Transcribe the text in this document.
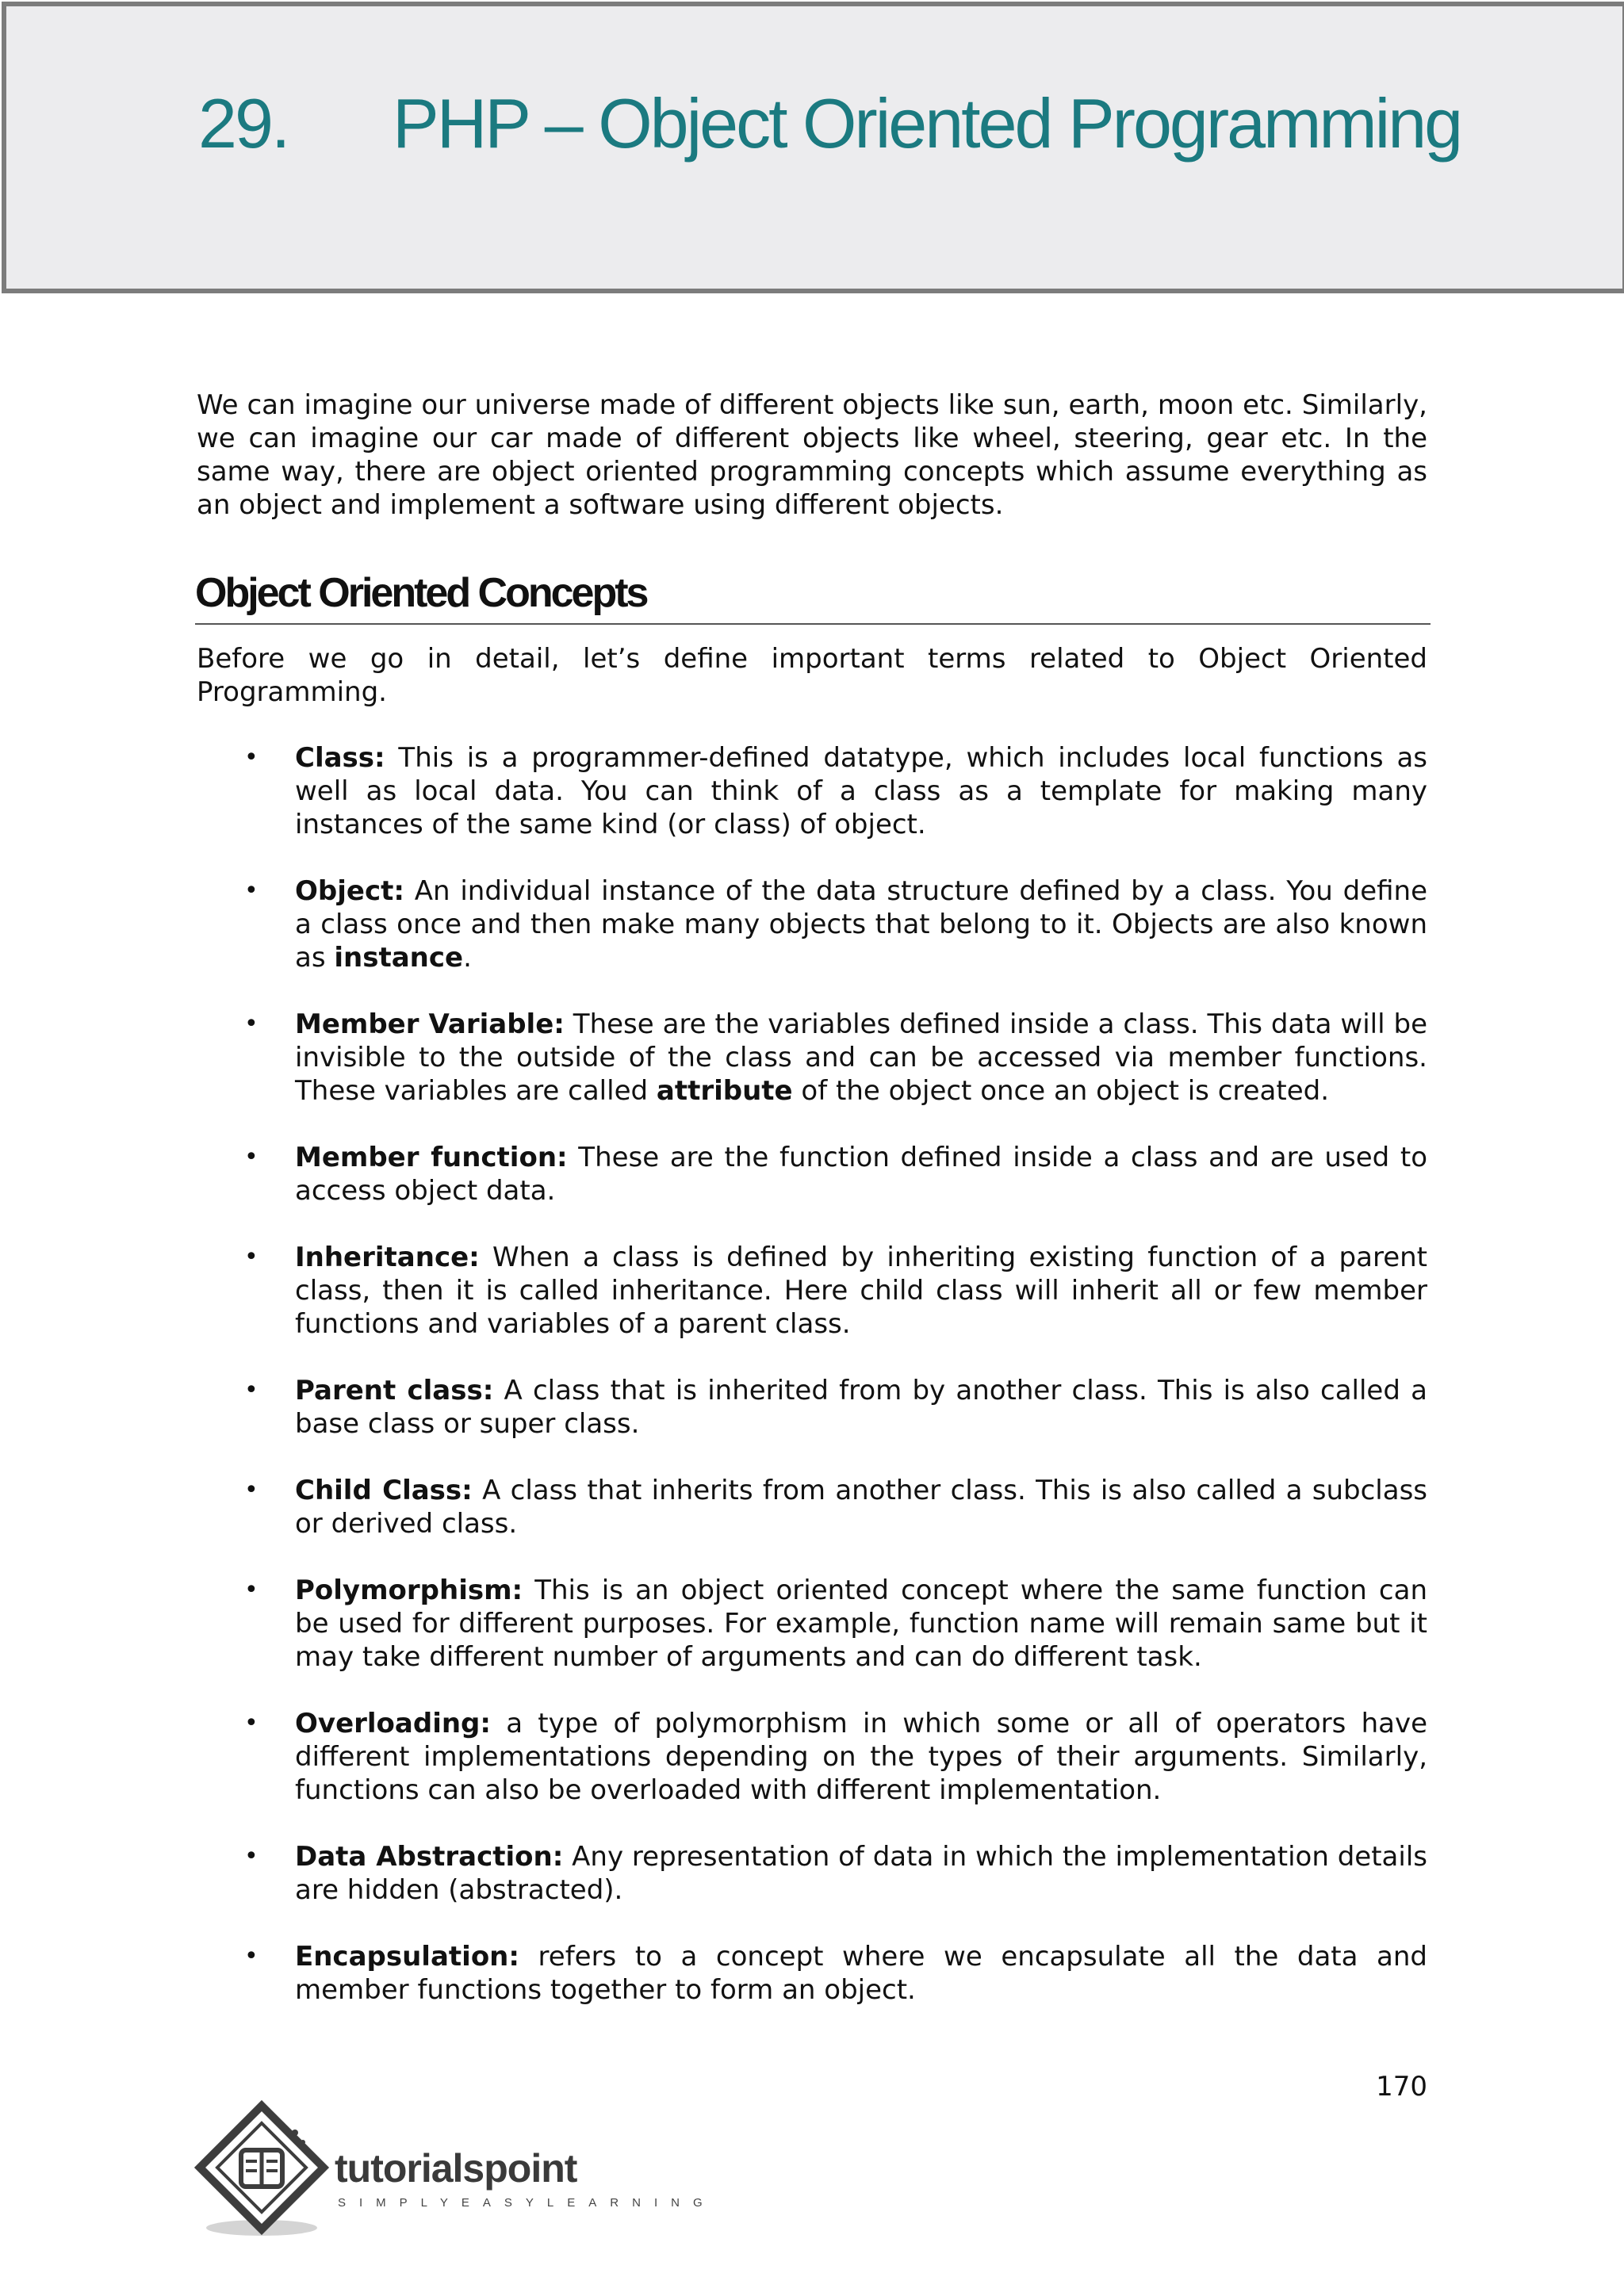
29. PHP – Object Oriented Programming

We can imagine our universe made of different objects like sun, earth, moon etc. Similarly, we can imagine our car made of different objects like wheel, steering, gear etc. In the same way, there are object oriented programming concepts which assume everything as an object and implement a software using different objects.

Object Oriented Concepts

Before we go in detail, let’s define important terms related to Object Oriented Programming.

• Class: This is a programmer-defined datatype, which includes local functions as well as local data. You can think of a class as a template for making many instances of the same kind (or class) of object.
• Object: An individual instance of the data structure defined by a class. You define a class once and then make many objects that belong to it. Objects are also known as instance.
• Member Variable: These are the variables defined inside a class. This data will be invisible to the outside of the class and can be accessed via member functions. These variables are called attribute of the object once an object is created.
• Member function: These are the function defined inside a class and are used to access object data.
• Inheritance: When a class is defined by inheriting existing function of a parent class, then it is called inheritance. Here child class will inherit all or few member functions and variables of a parent class.
• Parent class: A class that is inherited from by another class. This is also called a base class or super class.
• Child Class: A class that inherits from another class. This is also called a subclass or derived class.
• Polymorphism: This is an object oriented concept where the same function can be used for different purposes. For example, function name will remain same but it may take different number of arguments and can do different task.
• Overloading: a type of polymorphism in which some or all of operators have different implementations depending on the types of their arguments. Similarly, functions can also be overloaded with different implementation.
• Data Abstraction: Any representation of data in which the implementation details are hidden (abstracted).
• Encapsulation: refers to a concept where we encapsulate all the data and member functions together to form an object.
170
tutorialspoint
SIMPLYEASYLEARNING
